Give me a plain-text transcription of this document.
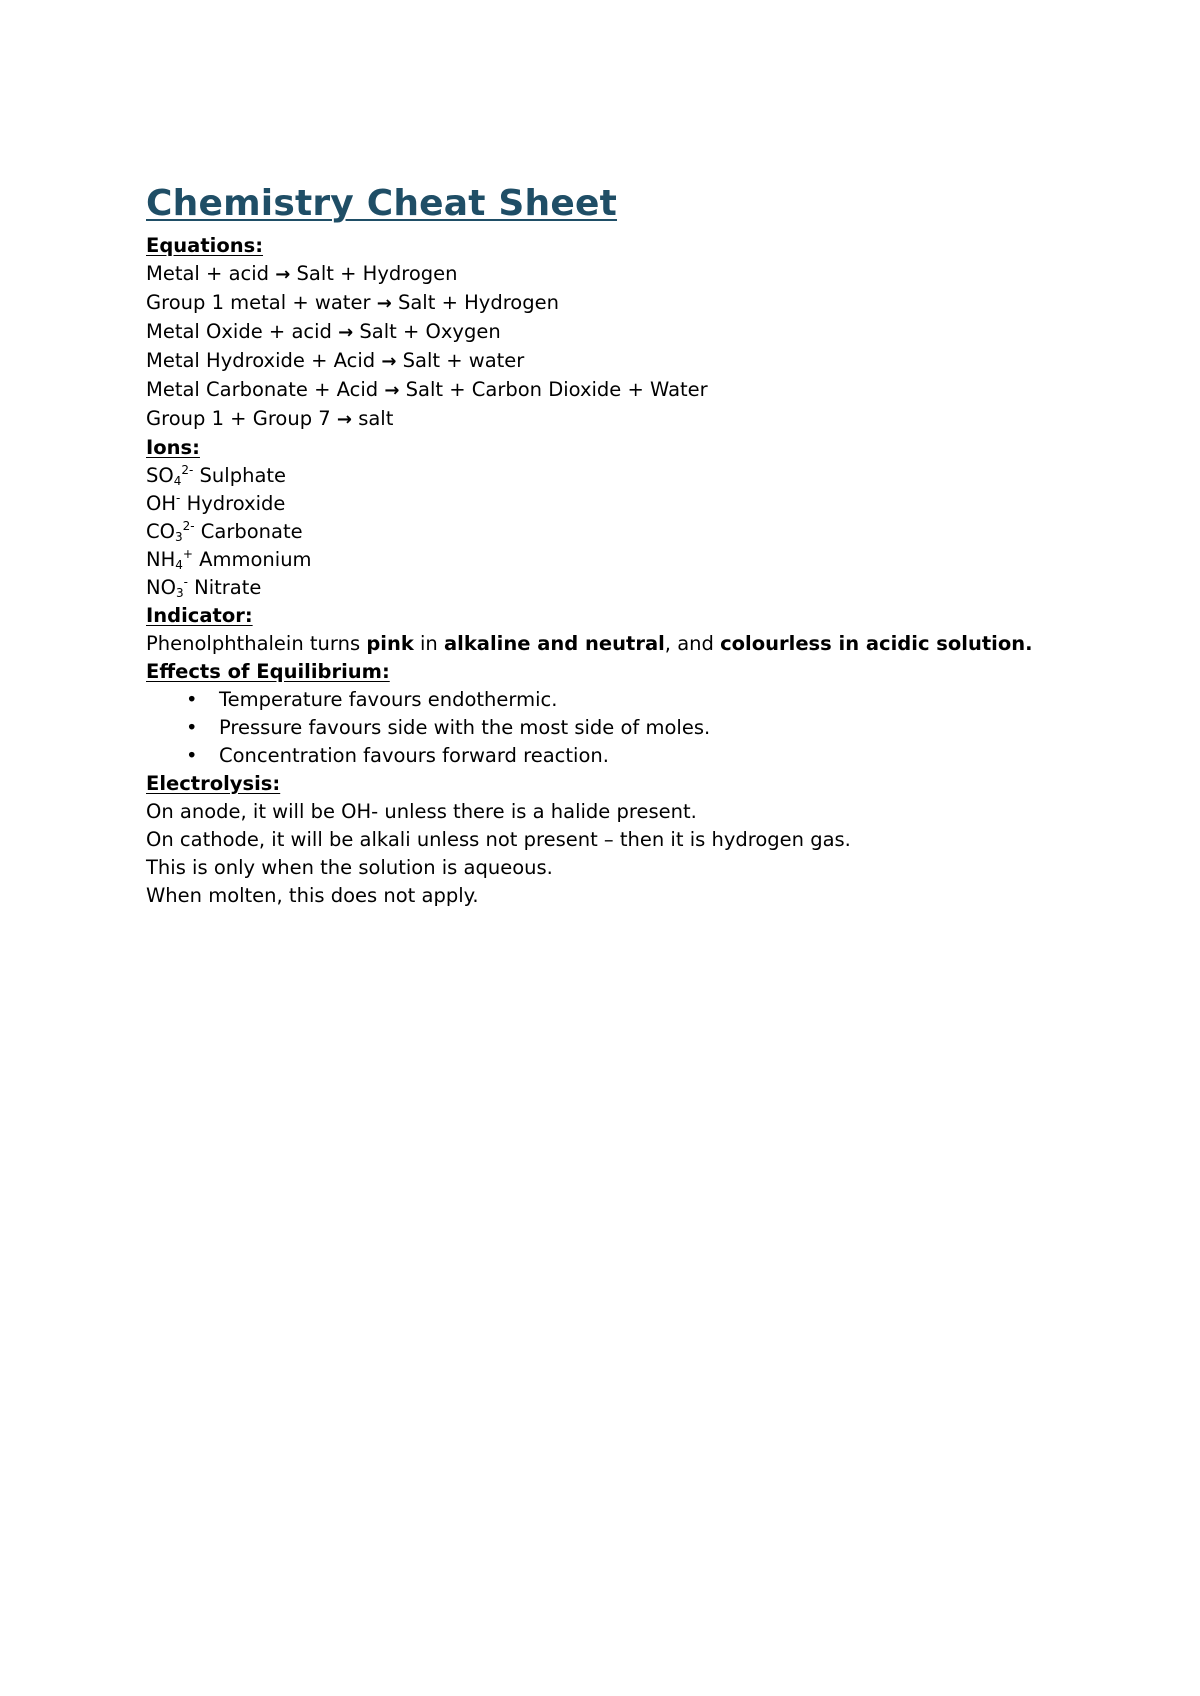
Chemistry Cheat Sheet

Equations:

Metal + acid → Salt + Hydrogen

Group 1 metal + water → Salt + Hydrogen

Metal Oxide + acid → Salt + Oxygen

Metal Hydroxide + Acid → Salt + water

Metal Carbonate + Acid → Salt + Carbon Dioxide + Water

Group 1 + Group 7 → salt

Ions:

$SO_4^{2-}$ Sulphate

OH- Hydroxide

$CO_3^{2-}$ Carbonate

$NH_4^+$ Ammonium

$NO_3^-$ Nitrate

Indicator:

Phenolphthalein turns pink in alkaline and neutral, and colourless in acidic solution.

Effects of Equilibrium:

• Temperature favours endothermic.
• Pressure favours side with the most side of moles.
• Concentration favours forward reaction.

Electrolysis:

On anode, it will be OH- unless there is a halide present.

On cathode, it will be alkali unless not present – then it is hydrogen gas.

This is only when the solution is aqueous.

When molten, this does not apply.
